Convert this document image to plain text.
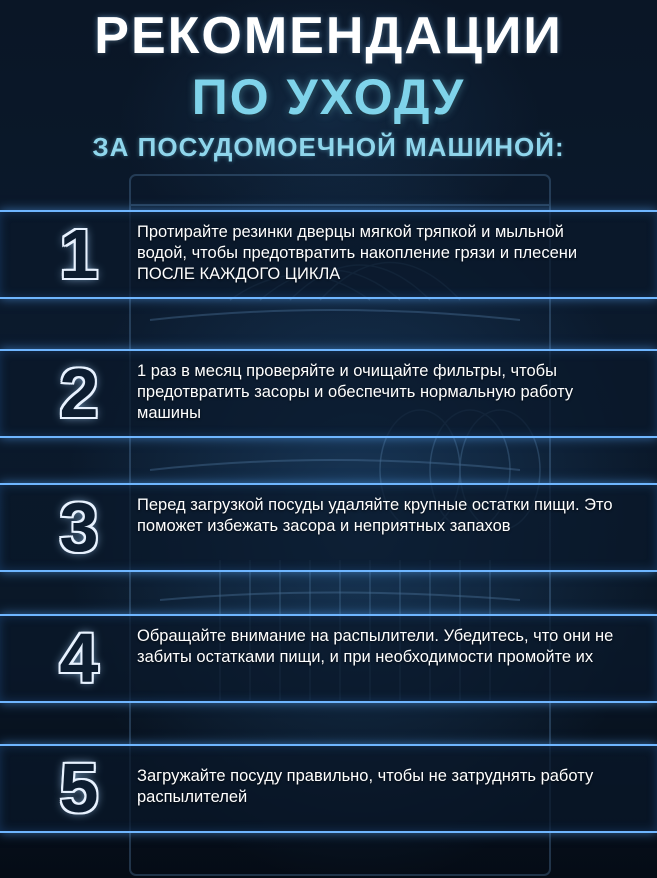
РЕКОМЕНДАЦИИ
ПО УХОДУ
ЗА ПОСУДОМОЕЧНОЙ МАШИНОЙ:
1	Протирайте резинки дверцы мягкой тряпкой и мыльной водой, чтобы предотвратить накопление грязи и плесени ПОСЛЕ КАЖДОГО ЦИКЛА
2	1 раз в месяц проверяйте и очищайте фильтры, чтобы предотвратить засоры и обеспечить нормальную работу машины
3	Перед загрузкой посуды удаляйте крупные остатки пищи. Это поможет избежать засора и неприятных запахов
4	Обращайте внимание на распылители. Убедитесь, что они не забиты остатками пищи, и при необходимости промойте их
5	Загружайте посуду правильно, чтобы не затруднять работу распылителей
